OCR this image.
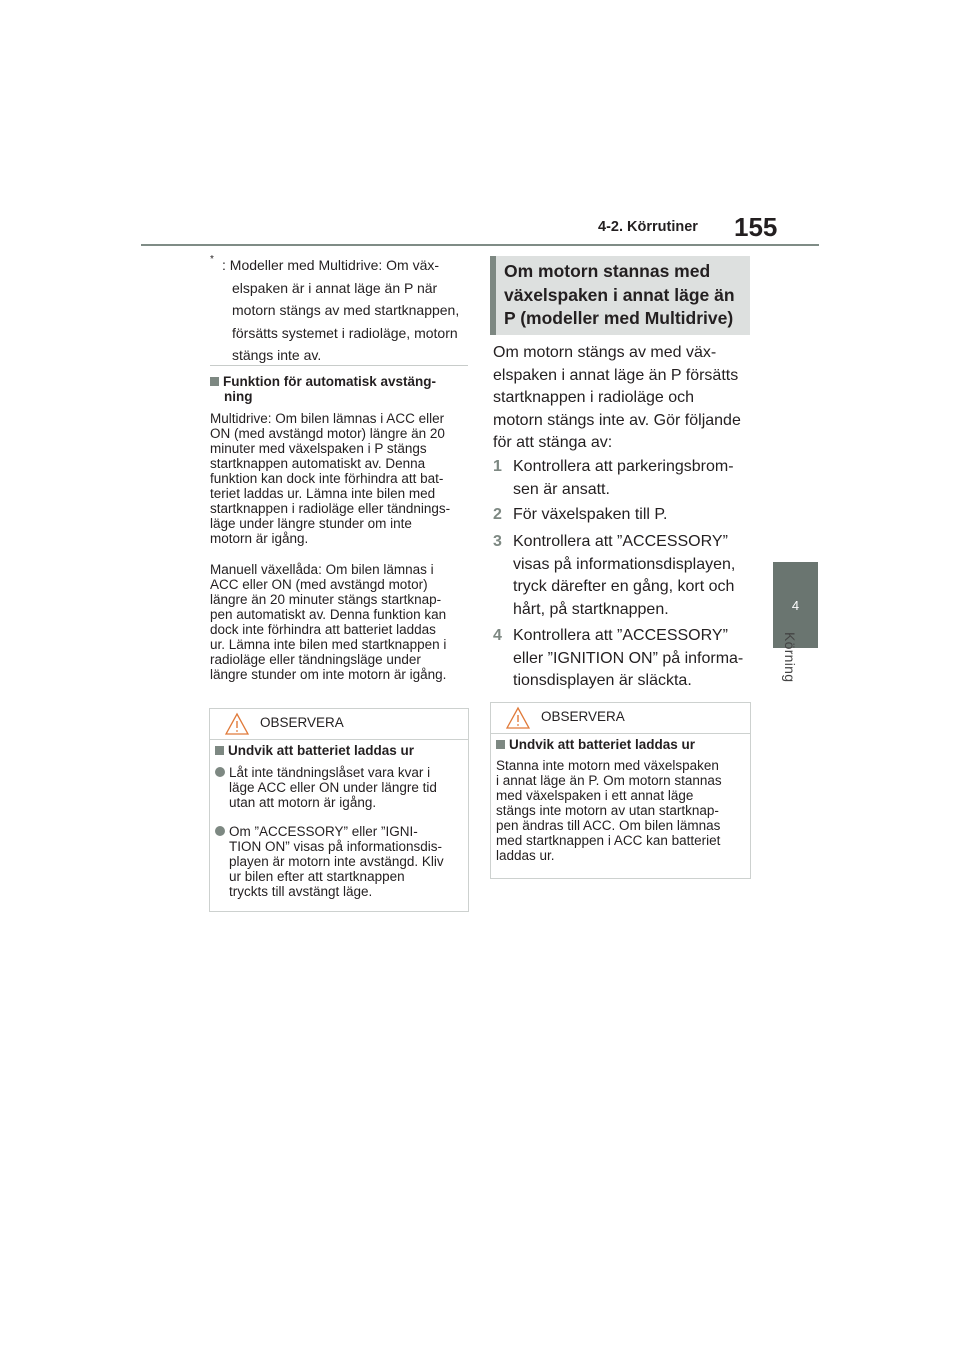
4-2. Körrutiner 155
4
Körning
* : Modeller med Multidrive: Om väx-
elspaken är i annat läge än P när
motorn stängs av med startknappen,
försätts systemet i radioläge, motorn
stängs inte av.
Funktion för automatisk avstäng-
ning
Multidrive: Om bilen lämnas i ACC eller
ON (med avstängd motor) längre än 20
minuter med växelspaken i P stängs
startknappen automatiskt av. Denna
funktion kan dock inte förhindra att bat-
teriet laddas ur. Lämna inte bilen med
startknappen i radioläge eller tändnings-
läge under längre stunder om inte
motorn är igång.
Manuell växellåda: Om bilen lämnas i
ACC eller ON (med avstängd motor)
längre än 20 minuter stängs startknap-
pen automatiskt av. Denna funktion kan
dock inte förhindra att batteriet laddas
ur. Lämna inte bilen med startknappen i
radioläge eller tändningsläge under
längre stunder om inte motorn är igång.
OBSERVERA
Undvik att batteriet laddas ur
Låt inte tändningslåset vara kvar i
läge ACC eller ON under längre tid
utan att motorn är igång.
Om ”ACCESSORY” eller ”IGNI-
TION ON” visas på informationsdis-
playen är motorn inte avstängd. Kliv
ur bilen efter att startknappen
tryckts till avstängt läge.
Om motorn stannas med
växelspaken i annat läge än
P (modeller med Multidrive)
Om motorn stängs av med väx-
elspaken i annat läge än P försätts
startknappen i radioläge och
motorn stängs inte av. Gör följande
för att stänga av:
1 Kontrollera att parkeringsbrom-
sen är ansatt.
2 För växelspaken till P.
3 Kontrollera att ”ACCESSORY”
visas på informationsdisplayen,
tryck därefter en gång, kort och
hårt, på startknappen.
4 Kontrollera att ”ACCESSORY”
eller ”IGNITION ON” på informa-
tionsdisplayen är släckta.
OBSERVERA
Undvik att batteriet laddas ur
Stanna inte motorn med växelspaken
i annat läge än P. Om motorn stannas
med växelspaken i ett annat läge
stängs inte motorn av utan startknap-
pen ändras till ACC. Om bilen lämnas
med startknappen i ACC kan batteriet
laddas ur.
